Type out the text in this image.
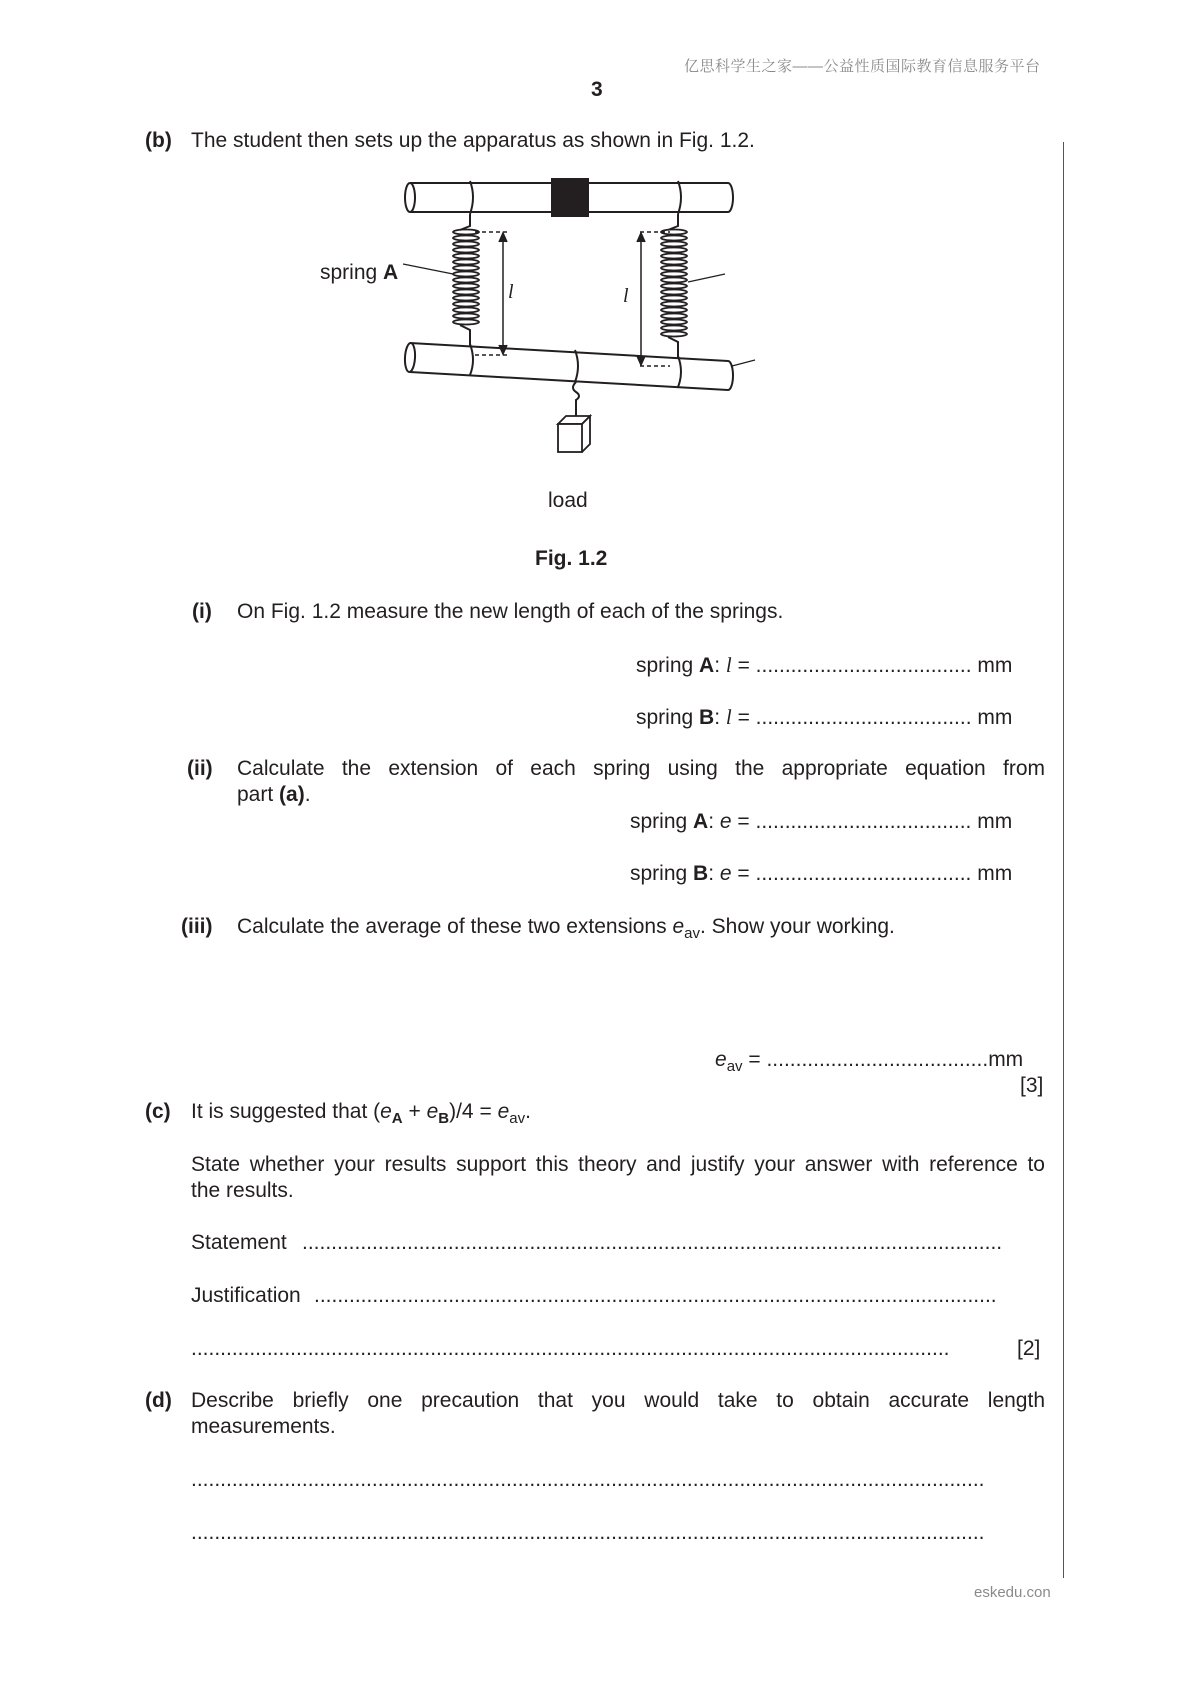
亿思科学生之家——公益性质国际教育信息服务平台
3
(b) The student then sets up the apparatus as shown in Fig. 1.2.
spring A
l	l
load
Fig. 1.2
(i) On Fig. 1.2 measure the new length of each of the springs.
spring A: l = ..................................... mm
spring B: l = ..................................... mm
(ii) Calculate the extension of each spring using the appropriate equation from
part (a).
spring A: e = ..................................... mm
spring B: e = ..................................... mm
(iii) Calculate the average of these two extensions $e_{av}$. Show your working.
$e_{av} = ......................................mm$
[3]
(c) It is suggested that $(e_A + e_B)/4 = e_{av}$.
State whether your results support this theory and justify your answer with reference to
the results.
Statement ........................................................................................................................
Justification .....................................................................................................................
..................................................................................................................................	[2]
(d) Describe briefly one precaution that you would take to obtain accurate length
measurements.
........................................................................................................................................
........................................................................................................................................
eskedu.con
